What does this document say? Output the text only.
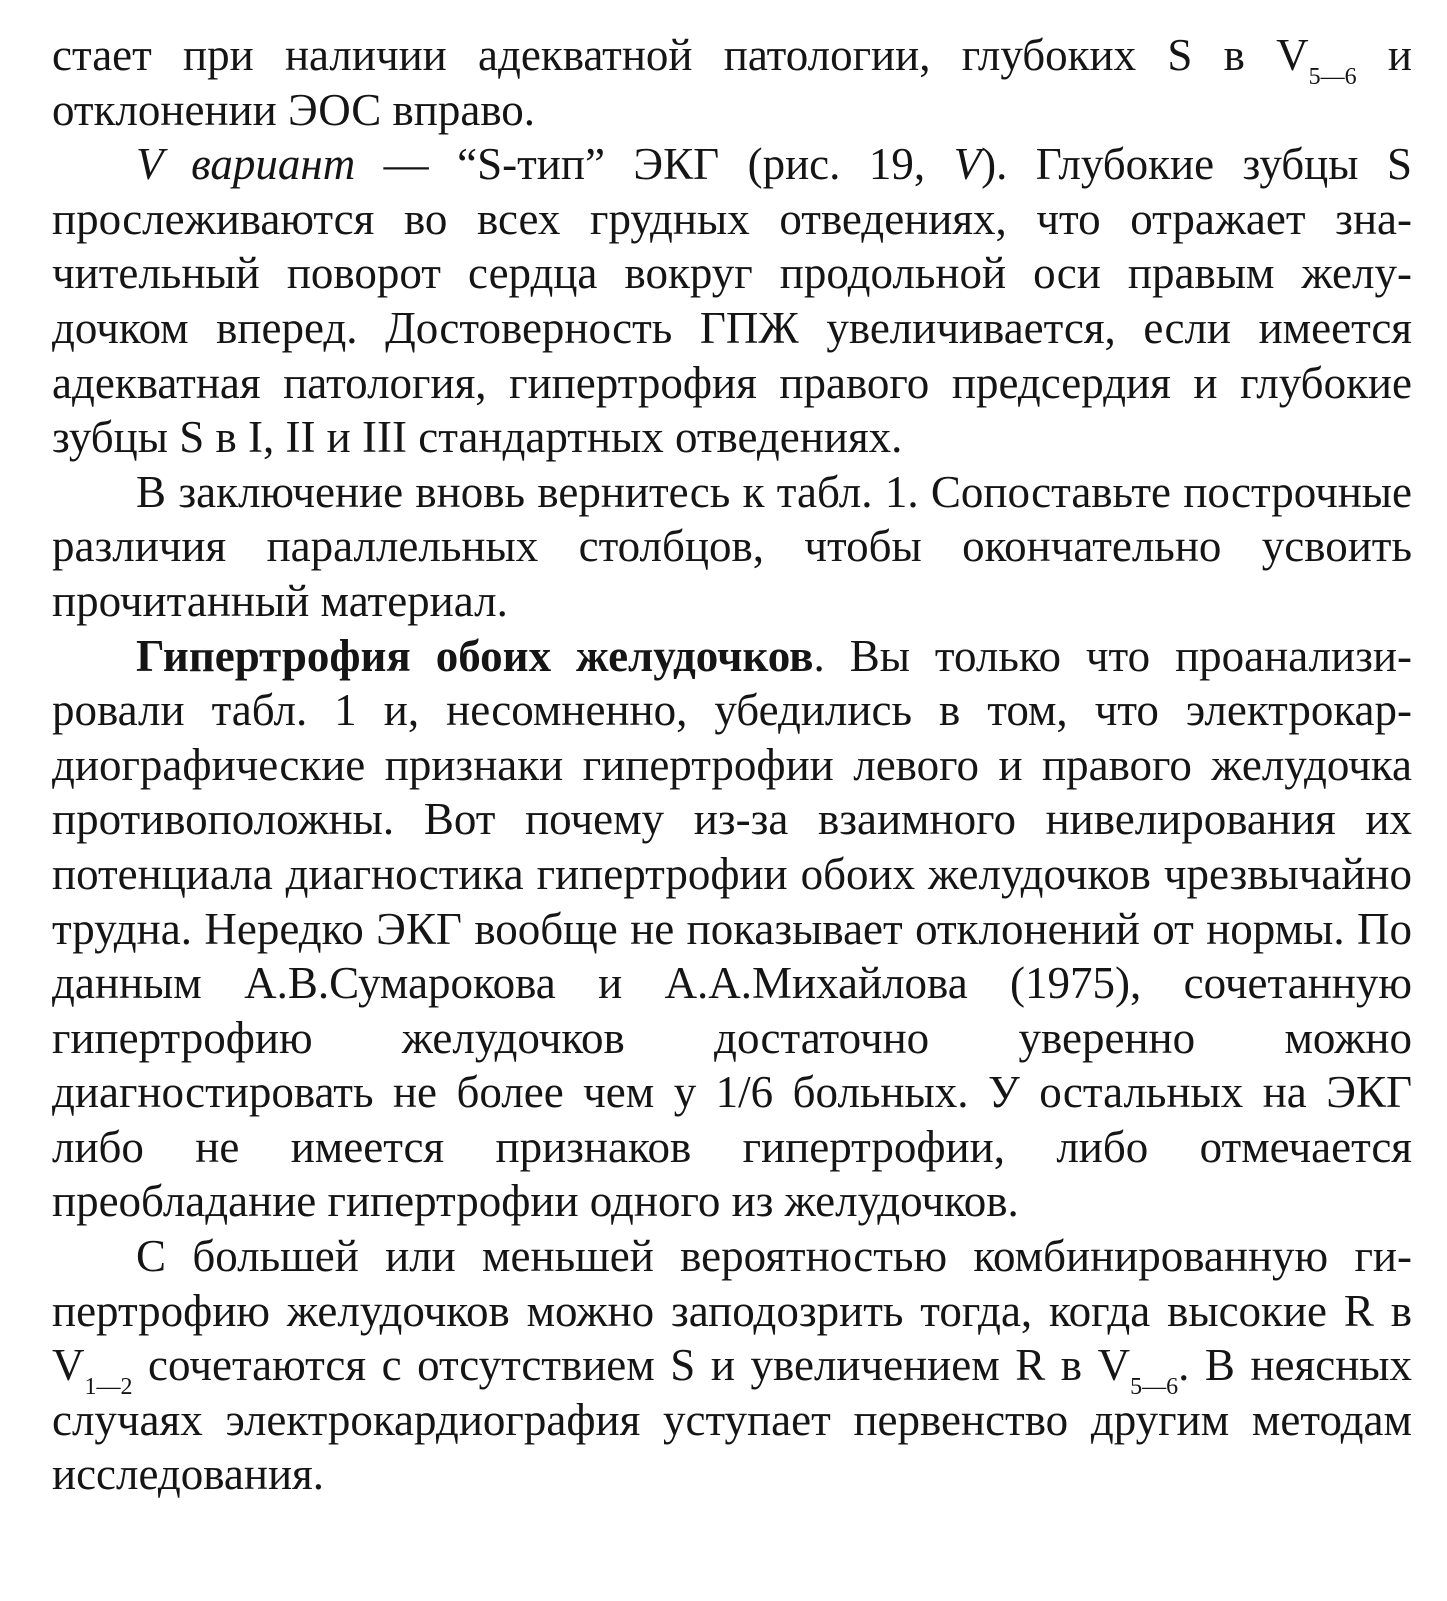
стает при наличии адекватной патологии, глубоких S в $V_{5—6}$ и отклонении ЭОС вправо.

V вариант — “S-тип” ЭКГ (рис. 19, V). Глубокие зубцы S прослеживаются во всех грудных отведениях, что отражает значительный поворот сердца вокруг продольной оси правым желудочком вперед. Достоверность ГПЖ увеличивается, если имеется адекватная патология, гипертрофия правого предсердия и глубокие зубцы S в I, II и III стандартных отведениях.

В заключение вновь вернитесь к табл. 1. Сопоставьте построчные различия параллельных столбцов, чтобы окончательно усвоить прочитанный материал.

Гипертрофия обоих желудочков. Вы только что проанализировали табл. 1 и, несомненно, убедились в том, что электрокардиографические признаки гипертрофии левого и правого желудочка противоположны. Вот почему из-за взаимного нивелирования их потенциала диагностика гипертрофии обоих желудочков чрезвычайно трудна. Нередко ЭКГ вообще не показывает отклонений от нормы. По данным А.В.Сумарокова и А.А.Михайлова (1975), сочетанную гипертрофию желудочков достаточно уверенно можно диагностировать не более чем у 1/6 больных. У остальных на ЭКГ либо не имеется признаков гипертрофии, либо отмечается преобладание гипертрофии одного из желудочков.

С большей или меньшей вероятностью комбинированную гипертрофию желудочков можно заподозрить тогда, когда высокие R в $V_{1—2}$ сочетаются с отсутствием S и увеличением R в $V_{5—6}$. В неясных случаях электрокардиография уступает первенство другим методам исследования.
